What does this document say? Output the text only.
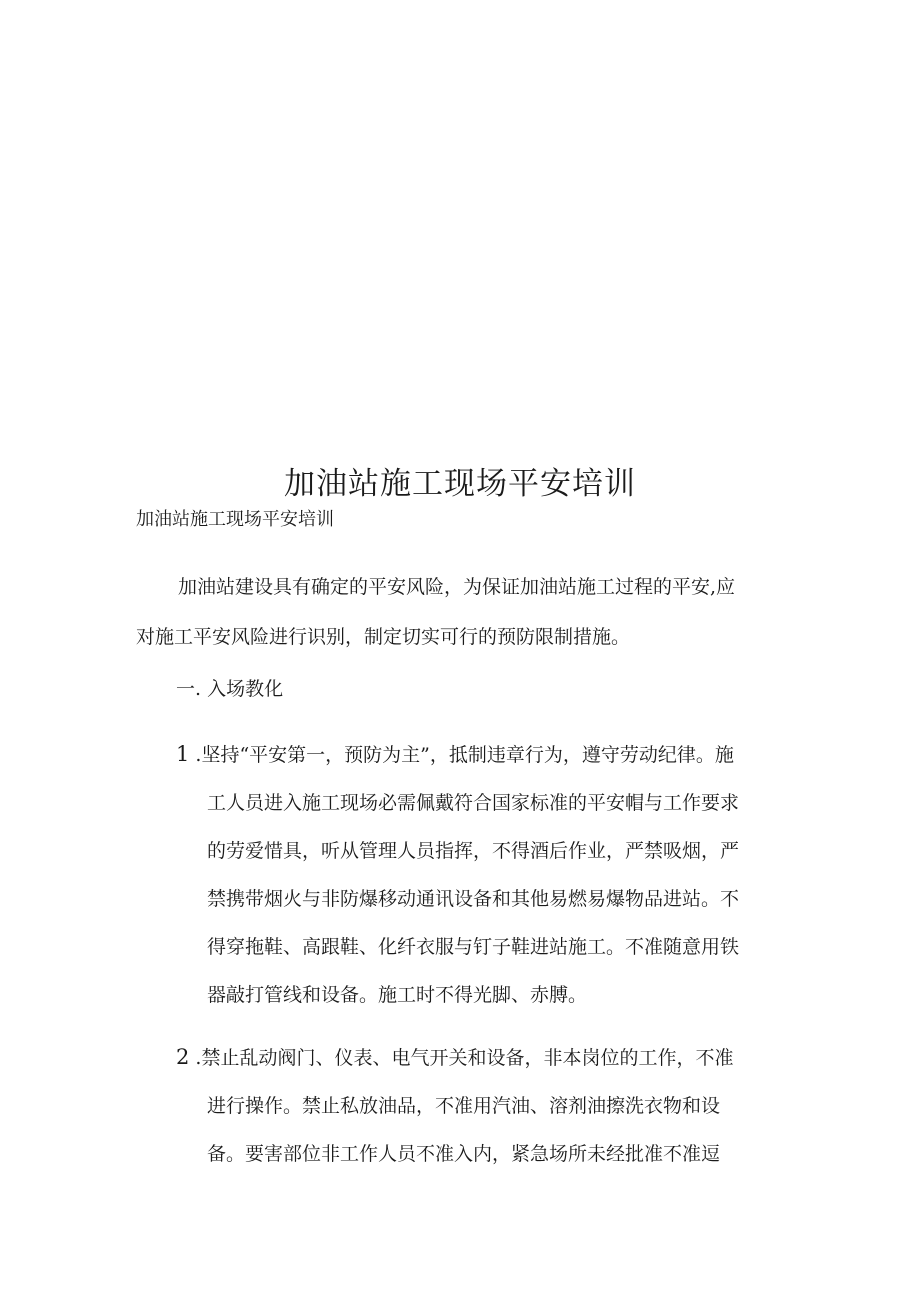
加油站施工现场平安培训
加油站施工现场平安培训
加油站建设具有确定的平安风险，为保证加油站施工过程的平安,应
对施工平安风险进行识别，制定切实可行的预防限制措施。
一. 入场教化
1 .坚持“平安第一，预防为主”，抵制违章行为，遵守劳动纪律。施
工人员进入施工现场必需佩戴符合国家标准的平安帽与工作要求
的劳爱惜具，听从管理人员指挥，不得酒后作业，严禁吸烟，严
禁携带烟火与非防爆移动通讯设备和其他易燃易爆物品进站。不
得穿拖鞋、高跟鞋、化纤衣服与钉子鞋进站施工。不准随意用铁
器敲打管线和设备。施工时不得光脚、赤膊。
2 .禁止乱动阀门、仪表、电气开关和设备，非本岗位的工作，不准
进行操作。禁止私放油品，不准用汽油、溶剂油擦洗衣物和设
备。要害部位非工作人员不准入内，紧急场所未经批准不准逗
